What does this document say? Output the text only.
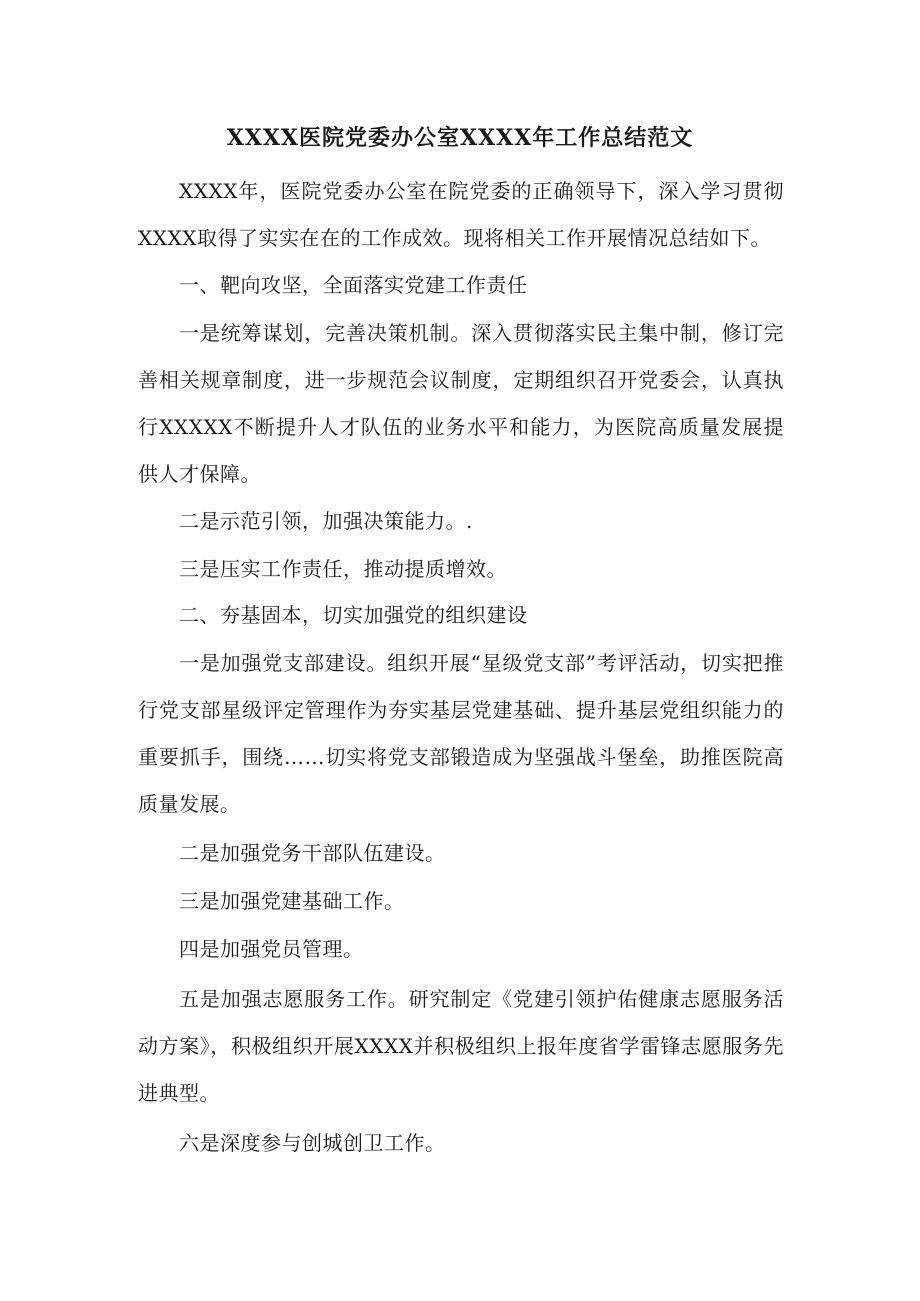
XXXX医院党委办公室XXXX年工作总结范文

XXXX年，医院党委办公室在院党委的正确领导下，深入学习贯彻XXXX取得了实实在在的工作成效。现将相关工作开展情况总结如下。

一、靶向攻坚，全面落实党建工作责任

一是统筹谋划，完善决策机制。深入贯彻落实民主集中制，修订完善相关规章制度，进一步规范会议制度，定期组织召开党委会，认真执行XXXXX不断提升人才队伍的业务水平和能力，为医院高质量发展提供人才保障。

二是示范引领，加强决策能力。.

三是压实工作责任，推动提质增效。

二、夯基固本，切实加强党的组织建设

一是加强党支部建设。组织开展“星级党支部”考评活动，切实把推行党支部星级评定管理作为夯实基层党建基础、提升基层党组织能力的重要抓手，围绕……切实将党支部锻造成为坚强战斗堡垒，助推医院高质量发展。

二是加强党务干部队伍建设。

三是加强党建基础工作。

四是加强党员管理。

五是加强志愿服务工作。研究制定《党建引领护佑健康志愿服务活动方案》，积极组织开展XXXX并积极组织上报年度省学雷锋志愿服务先进典型。

六是深度参与创城创卫工作。
